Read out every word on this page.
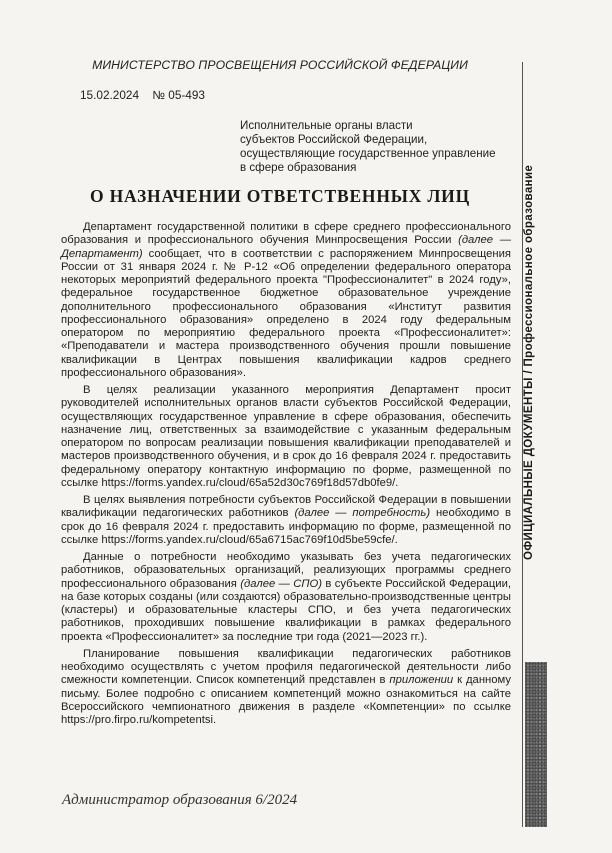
МИНИСТЕРСТВО ПРОСВЕЩЕНИЯ РОССИЙСКОЙ ФЕДЕРАЦИИ
15.02.2024 № 05-493
Исполнительные органы власти
субъектов Российской Федерации,
осуществляющие государственное управление
в сфере образования
О НАЗНАЧЕНИИ ОТВЕТСТВЕННЫХ ЛИЦ

Департамент государственной политики в сфере среднего профессионального образования и профессионального обучения Минпросвещения России (далее — Департамент) сообщает, что в соответствии с распоряжением Минпросвещения России от 31 января 2024 г. № Р-12 «Об определении федерального оператора некоторых мероприятий федерального проекта "Профессионалитет" в 2024 году», федеральное государственное бюджетное образовательное учреждение дополнительного профессионального образования «Институт развития профессионального образования» определено в 2024 году федеральным оператором по мероприятию федерального проекта «Профессионалитет»: «Преподаватели и мастера производственного обучения прошли повышение квалификации в Центрах повышения квалификации кадров среднего профессионального образования».

В целях реализации указанного мероприятия Департамент просит руководителей исполнительных органов власти субъектов Российской Федерации, осуществляющих государственное управление в сфере образования, обеспечить назначение лиц, ответственных за взаимодействие с указанным федеральным оператором по вопросам реализации повышения квалификации преподавателей и мастеров производственного обучения, и в срок до 16 февраля 2024 г. предоставить федеральному оператору контактную информацию по форме, размещенной по ссылке https://forms.yandex.ru/cloud/65a52d30c769f18d57db0fe9/.

В целях выявления потребности субъектов Российской Федерации в повышении квалификации педагогических работников (далее — потребность) необходимо в срок до 16 февраля 2024 г. предоставить информацию по форме, размещенной по ссылке https://forms.yandex.ru/cloud/65a6715ac769f10d5be59cfe/.

Данные о потребности необходимо указывать без учета педагогических работников, образовательных организаций, реализующих программы среднего профессионального образования (далее — СПО) в субъекте Российской Федерации, на базе которых созданы (или создаются) образовательно-производственные центры (кластеры) и образовательные кластеры СПО, и без учета педагогических работников, проходивших повышение квалификации в рамках федерального проекта «Профессионалитет» за последние три года (2021—2023 гг.).

Планирование повышения квалификации педагогических работников необходимо осуществлять с учетом профиля педагогической деятельности либо смежности компетенции. Список компетенций представлен в приложении к данному письму. Более подробно с описанием компетенций можно ознакомиться на сайте Всероссийского чемпионатного движения в разделе «Компетенции» по ссылке https://pro.firpo.ru/kompetentsi.

Администратор образования 6/2024
ОФИЦИАЛЬНЫЕ ДОКУМЕНТЫ / Профессиональное образование
